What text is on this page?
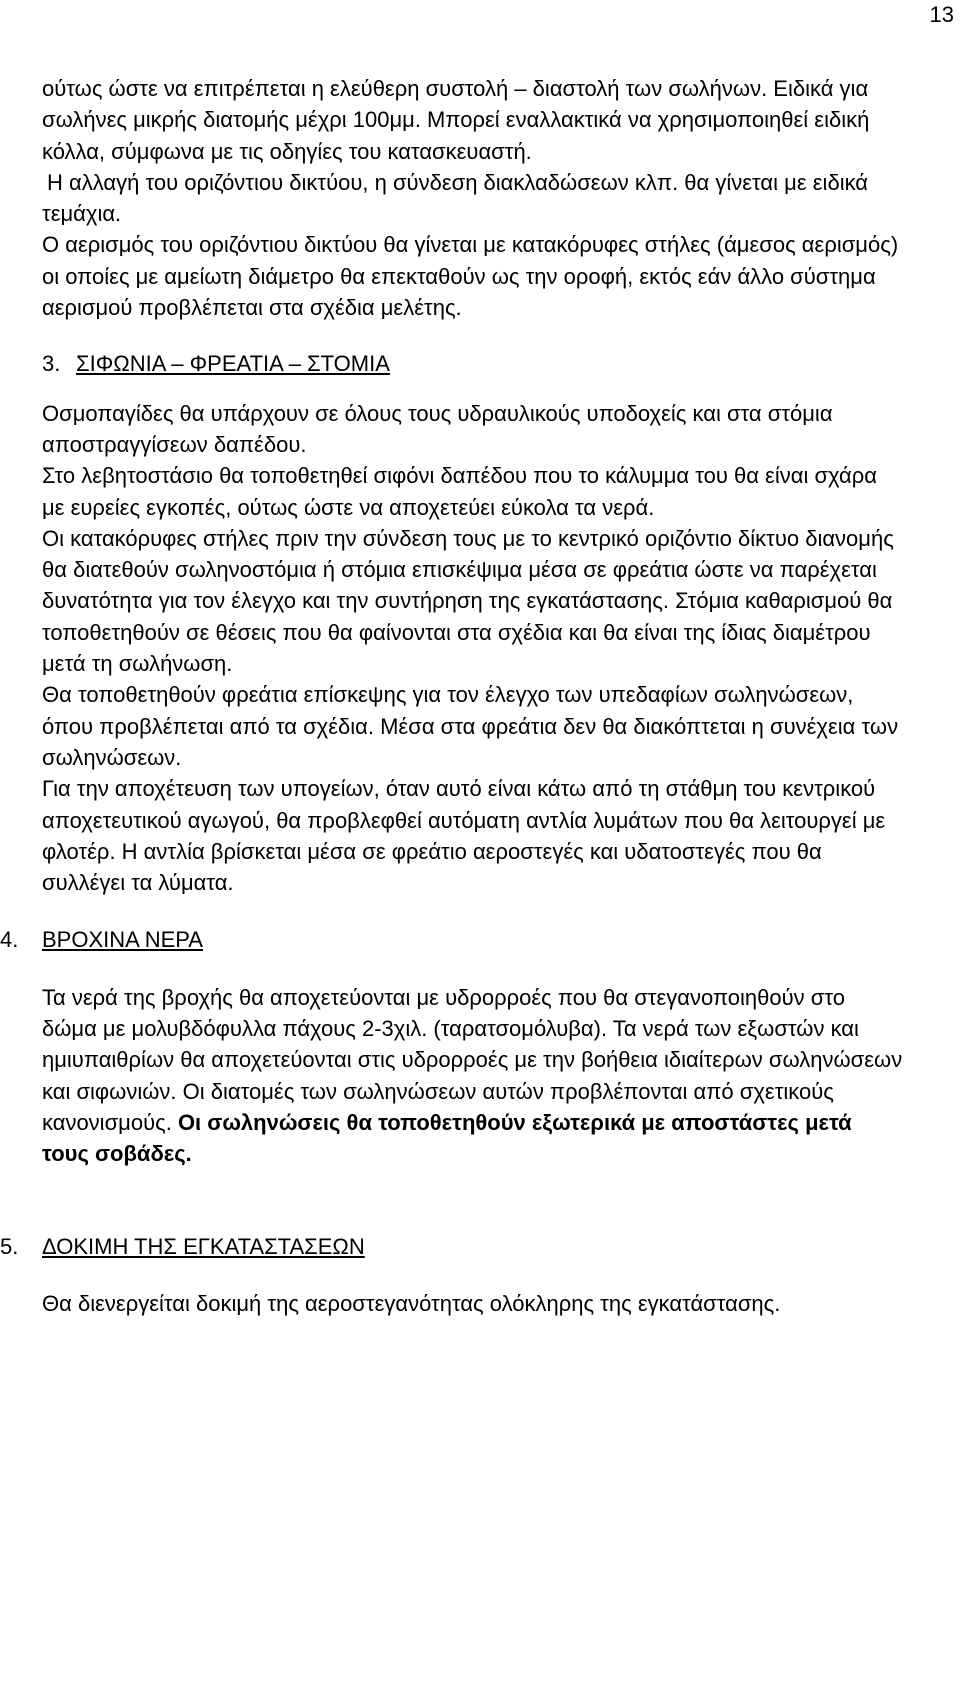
13

ούτως ώστε να επιτρέπεται η ελεύθερη συστολή – διαστολή των σωλήνων. Ειδικά για σωλήνες μικρής διατομής μέχρι 100μμ. Μπορεί εναλλακτικά να χρησιμοποιηθεί ειδική κόλλα, σύμφωνα με τις οδηγίες του κατασκευαστή.

Η αλλαγή του οριζόντιου δικτύου, η σύνδεση διακλαδώσεων κλπ. θα γίνεται με ειδικά τεμάχια.

Ο αερισμός του οριζόντιου δικτύου θα γίνεται με κατακόρυφες στήλες (άμεσος αερισμός) οι οποίες με αμείωτη διάμετρο θα επεκταθούν ως την οροφή, εκτός εάν άλλο σύστημα αερισμού προβλέπεται στα σχέδια μελέτης.

3. ΣΙΦΩΝΙΑ – ΦΡΕΑΤΙΑ – ΣΤΟΜΙΑ

Οσμοπαγίδες θα υπάρχουν σε όλους τους υδραυλικούς υποδοχείς και στα στόμια αποστραγγίσεων δαπέδου.

Στο λεβητοστάσιο θα τοποθετηθεί σιφόνι δαπέδου που το κάλυμμα του θα είναι σχάρα με ευρείες εγκοπές, ούτως ώστε να αποχετεύει εύκολα τα νερά.

Οι κατακόρυφες στήλες πριν την σύνδεση τους με το κεντρικό οριζόντιο δίκτυο διανομής θα διατεθούν σωληνοστόμια ή στόμια επισκέψιμα μέσα σε φρεάτια ώστε να παρέχεται δυνατότητα για τον έλεγχο και την συντήρηση της εγκατάστασης. Στόμια καθαρισμού θα τοποθετηθούν σε θέσεις που θα φαίνονται στα σχέδια και θα είναι της ίδιας διαμέτρου μετά τη σωλήνωση.

Θα τοποθετηθούν φρεάτια επίσκεψης για τον έλεγχο των υπεδαφίων σωληνώσεων, όπου προβλέπεται από τα σχέδια. Μέσα στα φρεάτια δεν θα διακόπτεται η συνέχεια των σωληνώσεων.

Για την αποχέτευση των υπογείων, όταν αυτό είναι κάτω από τη στάθμη του κεντρικού αποχετευτικού αγωγού, θα προβλεφθεί αυτόματη αντλία λυμάτων που θα λειτουργεί με φλοτέρ. Η αντλία βρίσκεται μέσα σε φρεάτιο αεροστεγές και υδατοστεγές που θα συλλέγει τα λύματα.

4. ΒΡΟΧΙΝΑ ΝΕΡΑ

Τα νερά της βροχής θα αποχετεύονται με υδρορροές που θα στεγανοποιηθούν στο δώμα με μολυβδόφυλλα πάχους 2-3χιλ. (ταρατσομόλυβα). Τα νερά των εξωστών και ημιυπαιθρίων θα αποχετεύονται στις υδρορροές με την βοήθεια ιδιαίτερων σωληνώσεων και σιφωνιών. Οι διατομές των σωληνώσεων αυτών προβλέπονται από σχετικούς κανονισμούς. Οι σωληνώσεις θα τοποθετηθούν εξωτερικά με αποστάστες μετά τους σοβάδες.

5. ΔΟΚΙΜΗ ΤΗΣ ΕΓΚΑΤΑΣΤΑΣΕΩΝ

Θα διενεργείται δοκιμή της αεροστεγανότητας ολόκληρης της εγκατάστασης.
